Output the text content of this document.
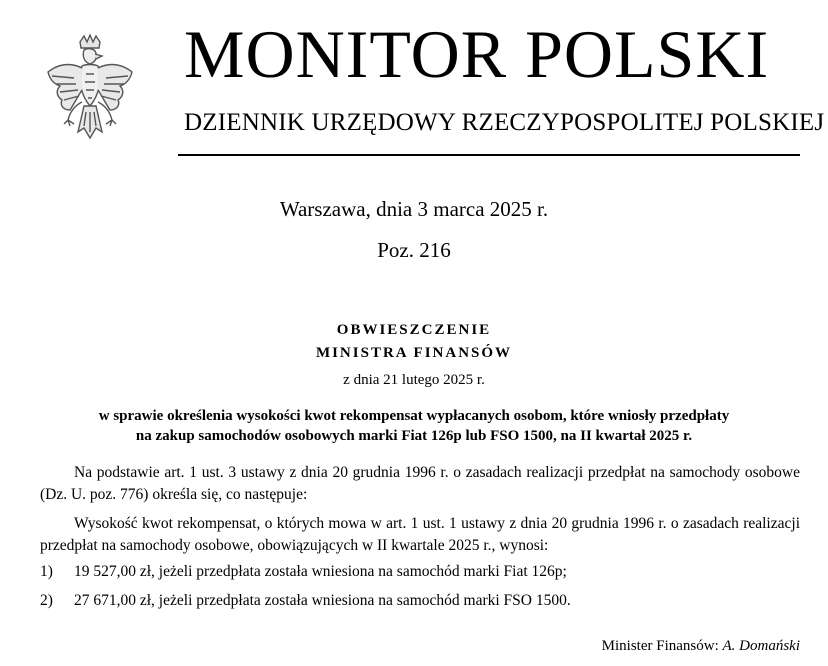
MONITOR POLSKI
DZIENNIK URZĘDOWY RZECZYPOSPOLITEJ POLSKIEJ
Warszawa, dnia 3 marca 2025 r.
Poz. 216
OBWIESZCZENIE
MINISTRA FINANSÓW
z dnia 21 lutego 2025 r.
w sprawie określenia wysokości kwot rekompensat wypłacanych osobom, które wniosły przedpłaty
na zakup samochodów osobowych marki Fiat 126p lub FSO 1500, na II kwartał 2025 r.
Na podstawie art. 1 ust. 3 ustawy z dnia 20 grudnia 1996 r. o zasadach realizacji przedpłat na samochody osobowe (Dz. U. poz. 776) określa się, co następuje:
Wysokość kwot rekompensat, o których mowa w art. 1 ust. 1 ustawy z dnia 20 grudnia 1996 r. o zasadach realizacji przedpłat na samochody osobowe, obowiązujących w II kwartale 2025 r., wynosi:
1) 19 527,00 zł, jeżeli przedpłata została wniesiona na samochód marki Fiat 126p;
2) 27 671,00 zł, jeżeli przedpłata została wniesiona na samochód marki FSO 1500.
Minister Finansów: A. Domański
